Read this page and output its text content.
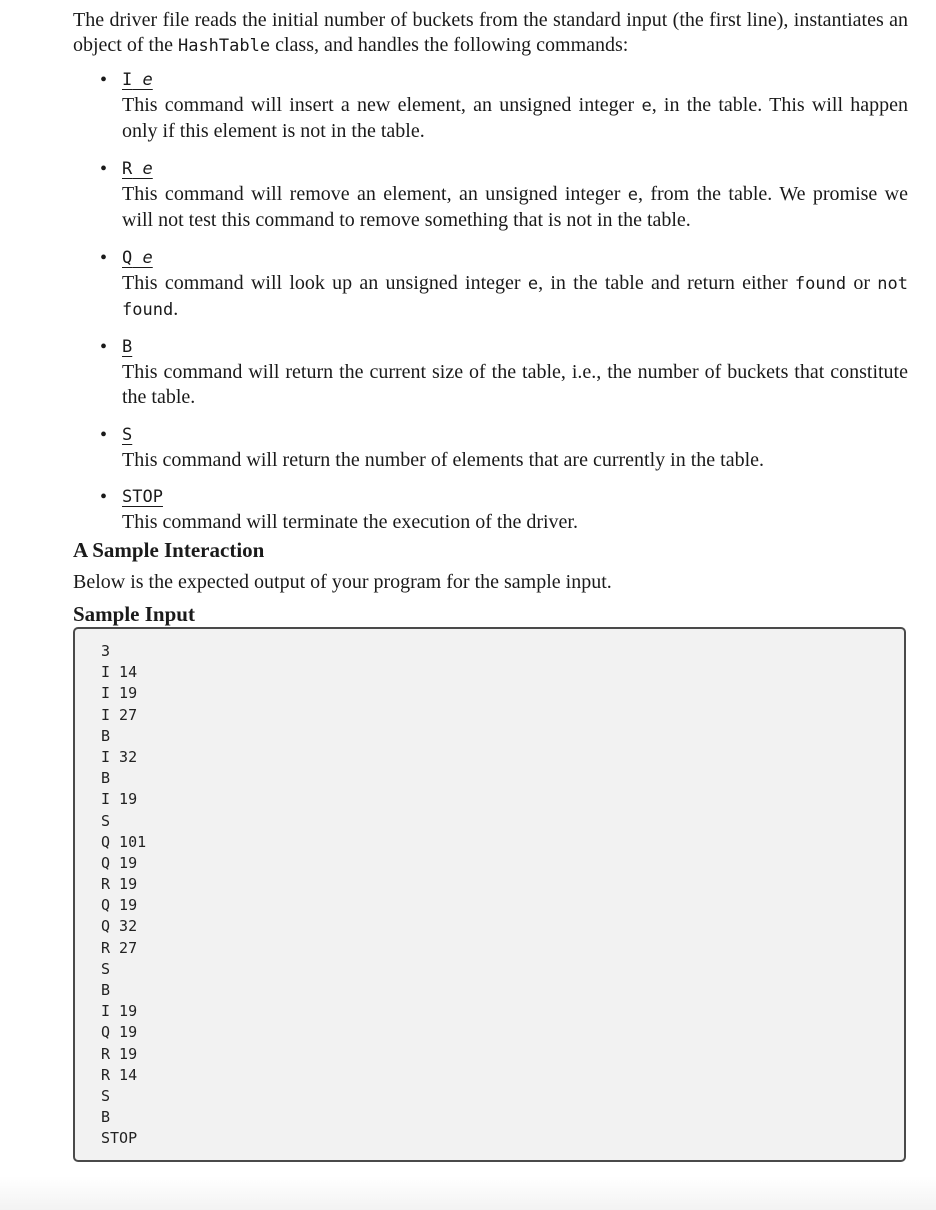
The driver file reads the initial number of buckets from the standard input (the first line), instantiates an object of the HashTable class, and handles the following commands:

• I e

This command will insert a new element, an unsigned integer e, in the table. This will happen only if this element is not in the table.

• R e

This command will remove an element, an unsigned integer e, from the table. We promise we will not test this command to remove something that is not in the table.

• Q e

This command will look up an unsigned integer e, in the table and return either found or not found.

• B

This command will return the current size of the table, i.e., the number of buckets that constitute the table.

• S

This command will return the number of elements that are currently in the table.

• STOP

This command will terminate the execution of the driver.

A Sample Interaction

Below is the expected output of your program for the sample input.

Sample Input
3
I 14
I 19
I 27
B
I 32
B
I 19
S
Q 101
Q 19
R 19
Q 19
Q 32
R 27
S
B
I 19
Q 19
R 19
R 14
S
B
STOP
